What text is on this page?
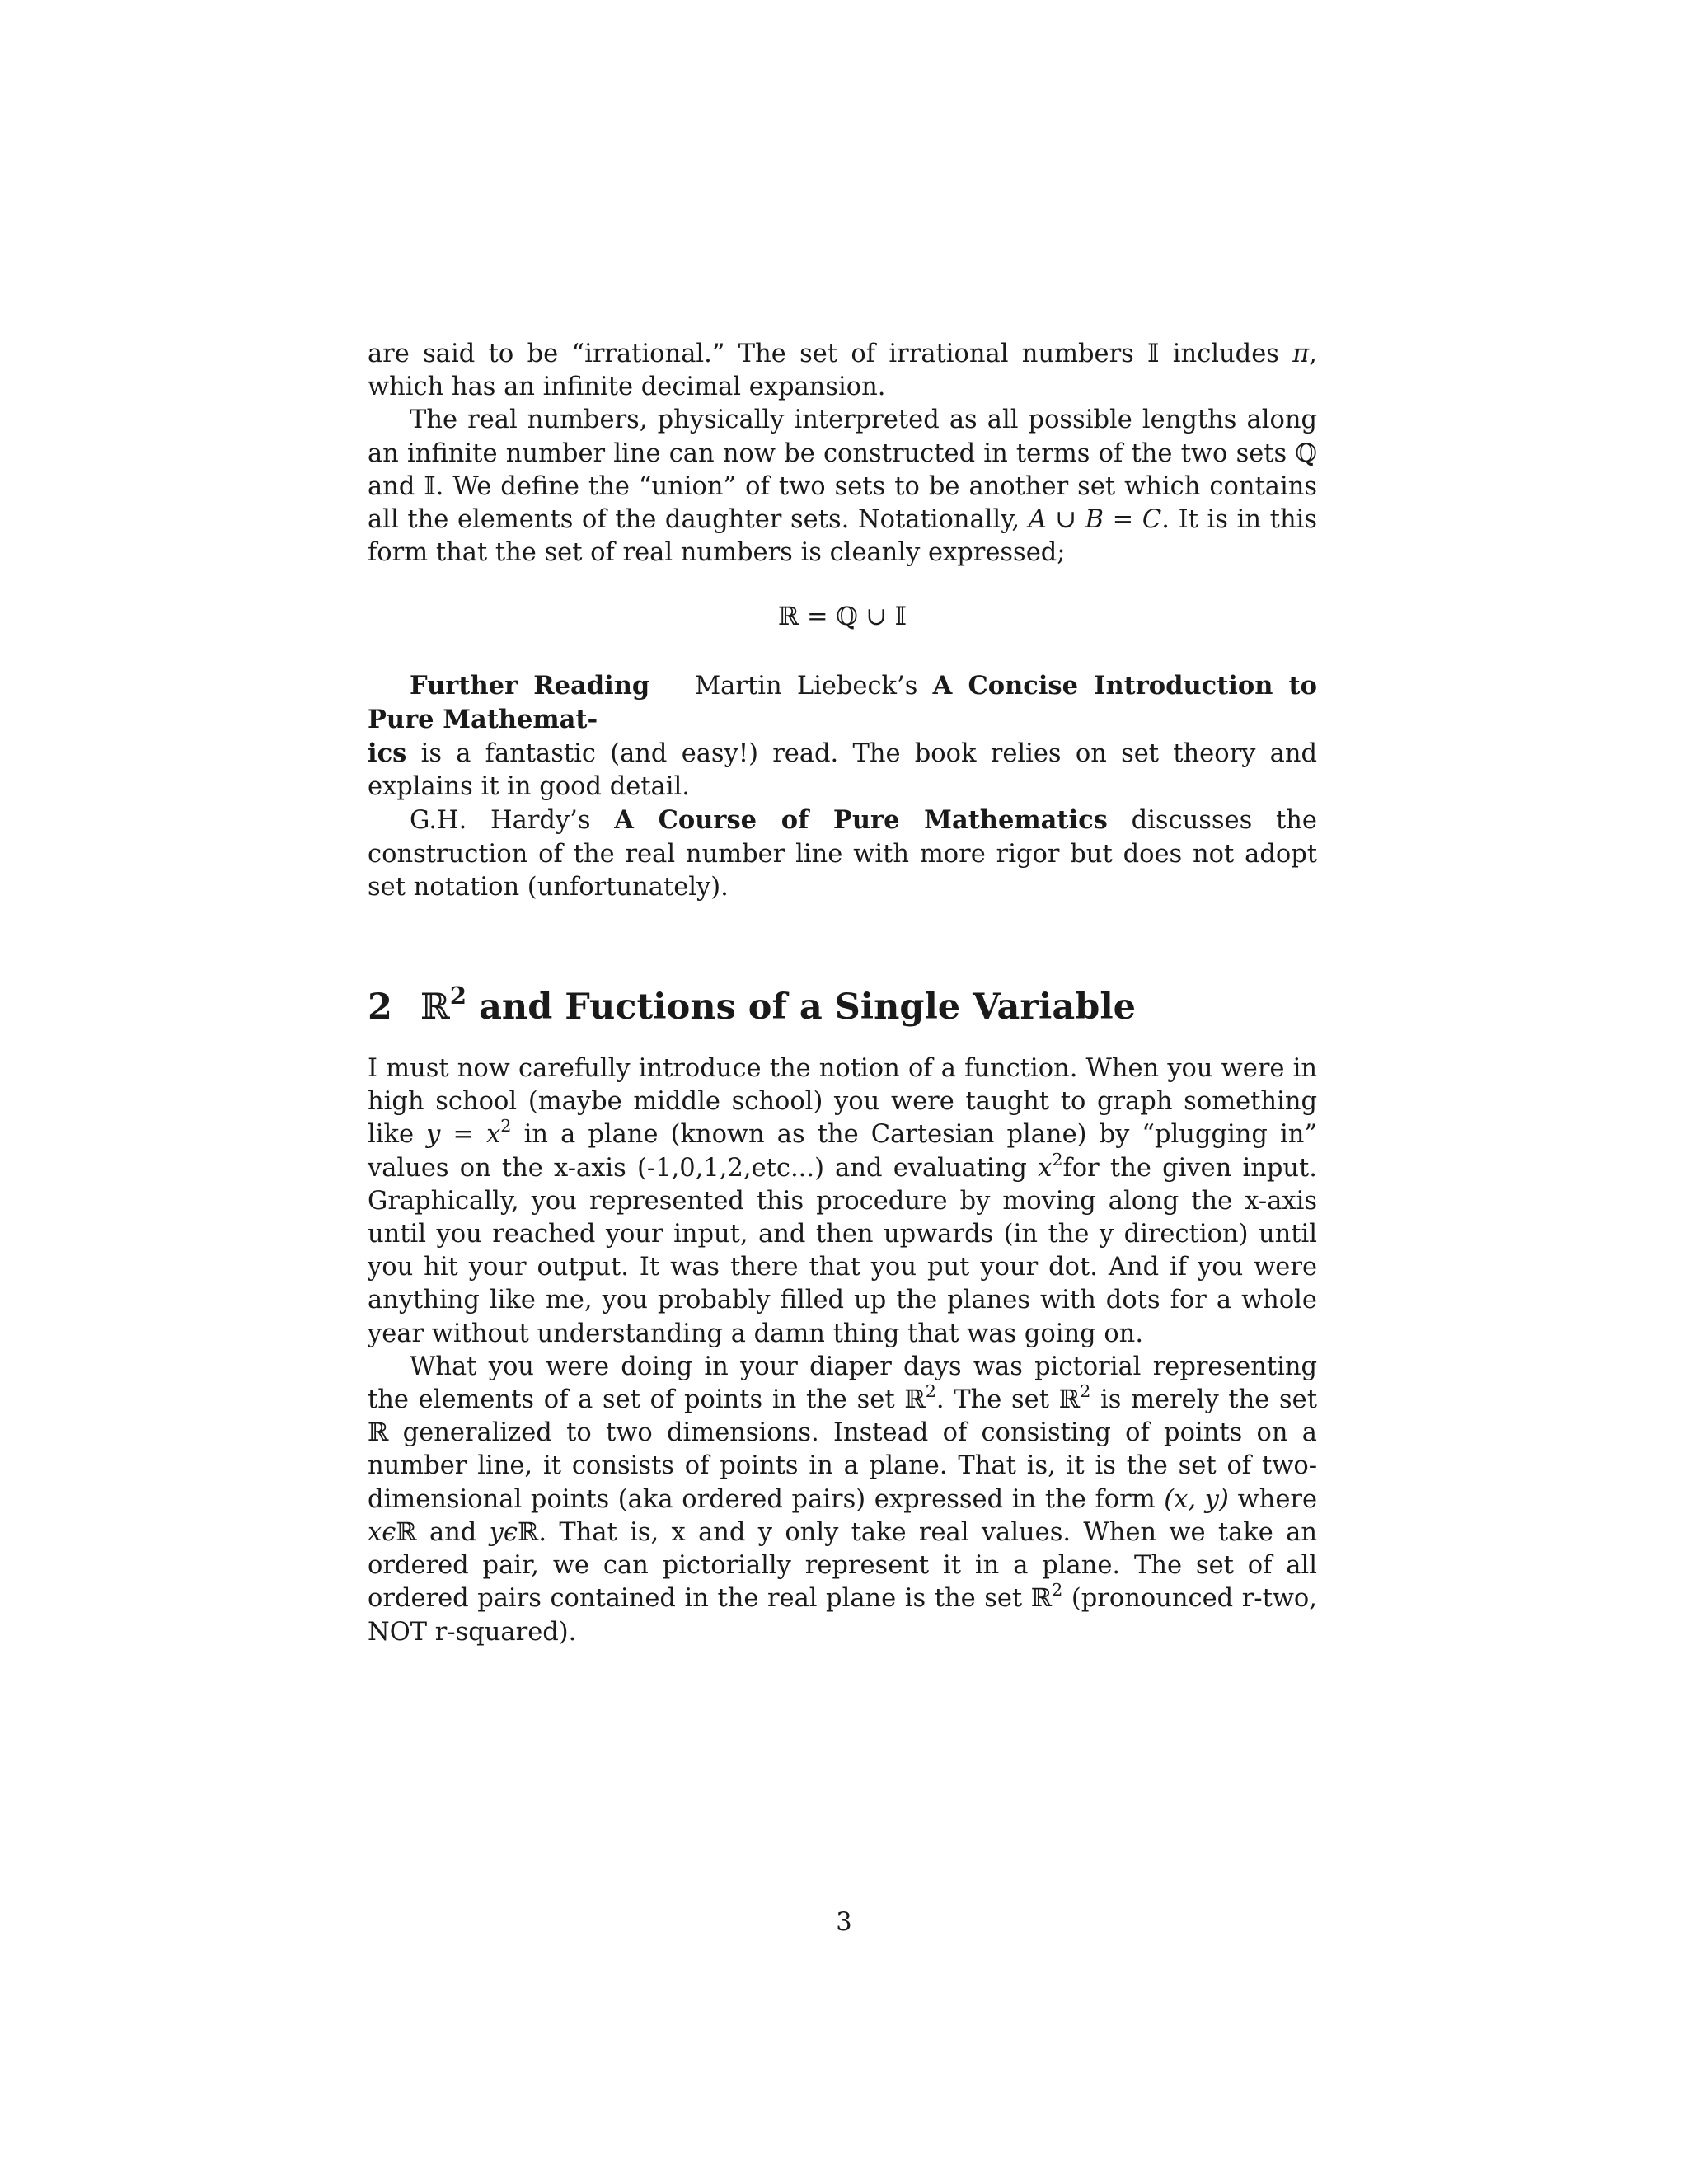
are said to be “irrational.” The set of irrational numbers 𝕀 includes π, which has an infinite decimal expansion.

The real numbers, physically interpreted as all possible lengths along an infinite number line can now be constructed in terms of the two sets ℚ and 𝕀. We define the “union” of two sets to be another set which contains all the elements of the daughter sets. Notationally, A ∪ B = C. It is in this form that the set of real numbers is cleanly expressed;

ℝ = ℚ ∪ 𝕀

Further Reading Martin Liebeck’s A Concise Introduction to Pure Mathemat-
ics is a fantastic (and easy!) read. The book relies on set theory and explains it in good detail.

G.H. Hardy’s A Course of Pure Mathematics discusses the construction of the real number line with more rigor but does not adopt set notation (unfortunately).

2 ℝ$^2$ and Fuctions of a Single Variable

I must now carefully introduce the notion of a function. When you were in high school (maybe middle school) you were taught to graph something like $y = x^2$ in a plane (known as the Cartesian plane) by “plugging in” values on the x-axis (-1,0,1,2,etc...) and evaluating $x^2for$ the given input. Graphically, you represented this procedure by moving along the x-axis until you reached your input, and then upwards (in the y direction) until you hit your output. It was there that you put your dot. And if you were anything like me, you probably filled up the planes with dots for a whole year without understanding a damn thing that was going on.

What you were doing in your diaper days was pictorial representing the elements of a set of points in the set ℝ$^2$. The set ℝ$^2$ is merely the set ℝ generalized to two dimensions. Instead of consisting of points on a number line, it consists of points in a plane. That is, it is the set of two-dimensional points (aka ordered pairs) expressed in the form (x, y) where xϵℝ and yϵℝ. That is, x and y only take real values. When we take an ordered pair, we can pictorially represent it in a plane. The set of all ordered pairs contained in the real plane is the set ℝ$^2$ (pronounced r-two, NOT r-squared).

3
